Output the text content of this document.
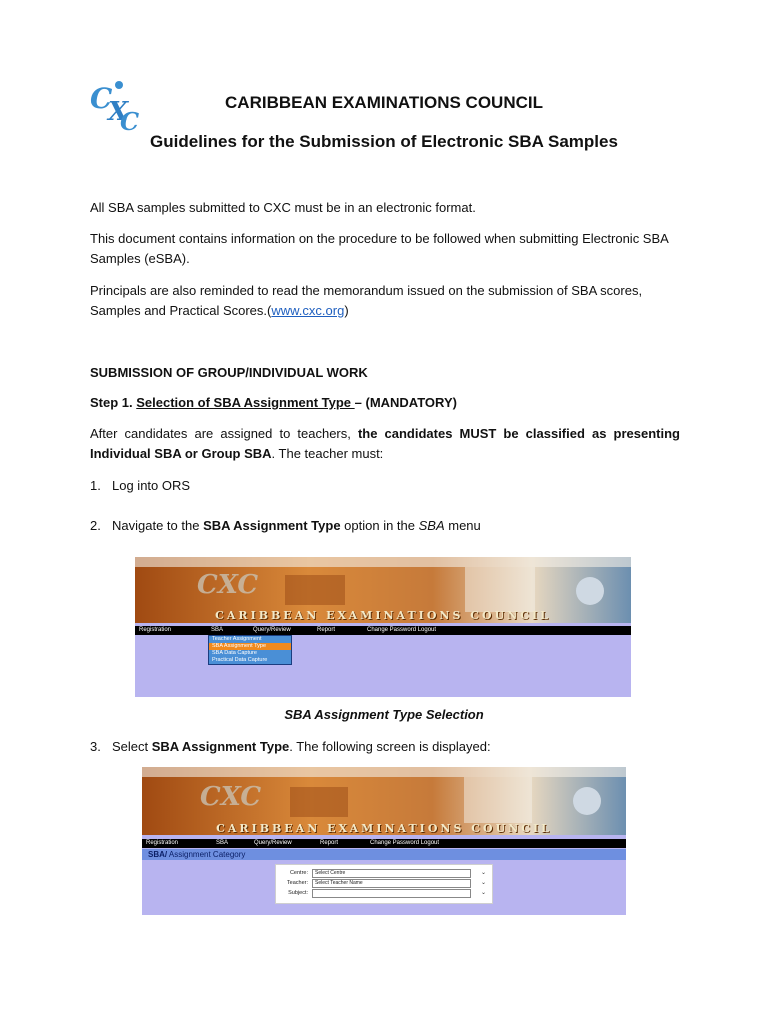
C
X
C
CARIBBEAN EXAMINATIONS COUNCIL
Guidelines for the Submission of Electronic SBA Samples
All SBA samples submitted to CXC must be in an electronic format.
This document contains information on the procedure to be followed when submitting Electronic SBA Samples (eSBA).
Principals are also reminded to read the memorandum issued on the submission of SBA scores, Samples and Practical Scores.(www.cxc.org)
SUBMISSION OF GROUP/INDIVIDUAL WORK
Step 1. Selection of SBA Assignment Type – (MANDATORY)
After candidates are assigned to teachers, the candidates MUST be classified as presenting Individual SBA or Group SBA. The teacher must:
1. Log into ORS
2. Navigate to the SBA Assignment Type option in the SBA menu
CXC
CARIBBEAN EXAMINATIONS COUNCIL
Registration	SBA	Query/Review	Report	Change Password Logout
Teacher Assignment
SBA Assignment Type
SBA Data Capture
Practical Data Capture
SBA Assignment Type Selection
3. Select SBA Assignment Type. The following screen is displayed:
CXC
CARIBBEAN EXAMINATIONS COUNCIL
Registration	SBA	Query/Review	Report	Change Password Logout
SBA/ Assignment Category
Centre:	Select Centre	⌄
Teacher:	Select Teacher Name	⌄
Subject:	⌄
